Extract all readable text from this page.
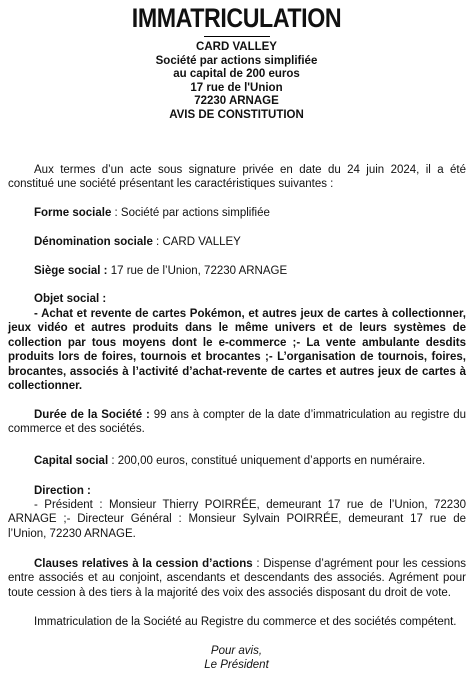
IMMATRICULATION
CARD VALLEY
Société par actions simplifiée
au capital de 200 euros
17 rue de l'Union
72230 ARNAGE
AVIS DE CONSTITUTION
Aux termes d’un acte sous signature privée en date du 24 juin 2024, il a été constitué une société présentant les caractéristiques suivantes :
Forme sociale : Société par actions simplifiée
Dénomination sociale : CARD VALLEY
Siège social : 17 rue de l’Union, 72230 ARNAGE
Objet social :
- Achat et revente de cartes Pokémon, et autres jeux de cartes à collectionner, jeux vidéo et autres produits dans le même univers et de leurs systèmes de collection par tous moyens dont le e-commerce ;- La vente ambulante desdits produits lors de foires, tournois et brocantes ;- L’organisation de tournois, foires, brocantes, associés à l’activité d’achat-revente de cartes et autres jeux de cartes à collectionner.
Durée de la Société : 99 ans à compter de la date d’immatriculation au registre du commerce et des sociétés.
Capital social : 200,00 euros, constitué uniquement d’apports en numéraire.
Direction :
- Président : Monsieur Thierry POIRRÉE, demeurant 17 rue de l’Union, 72230 ARNAGE ;- Directeur Général : Monsieur Sylvain POIRRÉE, demeurant 17 rue de l’Union, 72230 ARNAGE.
Clauses relatives à la cession d’actions : Dispense d’agrément pour les cessions entre associés et au conjoint, ascendants et descendants des associés. Agrément pour toute cession à des tiers à la majorité des voix des associés disposant du droit de vote.
Immatriculation de la Société au Registre du commerce et des sociétés compétent.
Pour avis,
Le Président
